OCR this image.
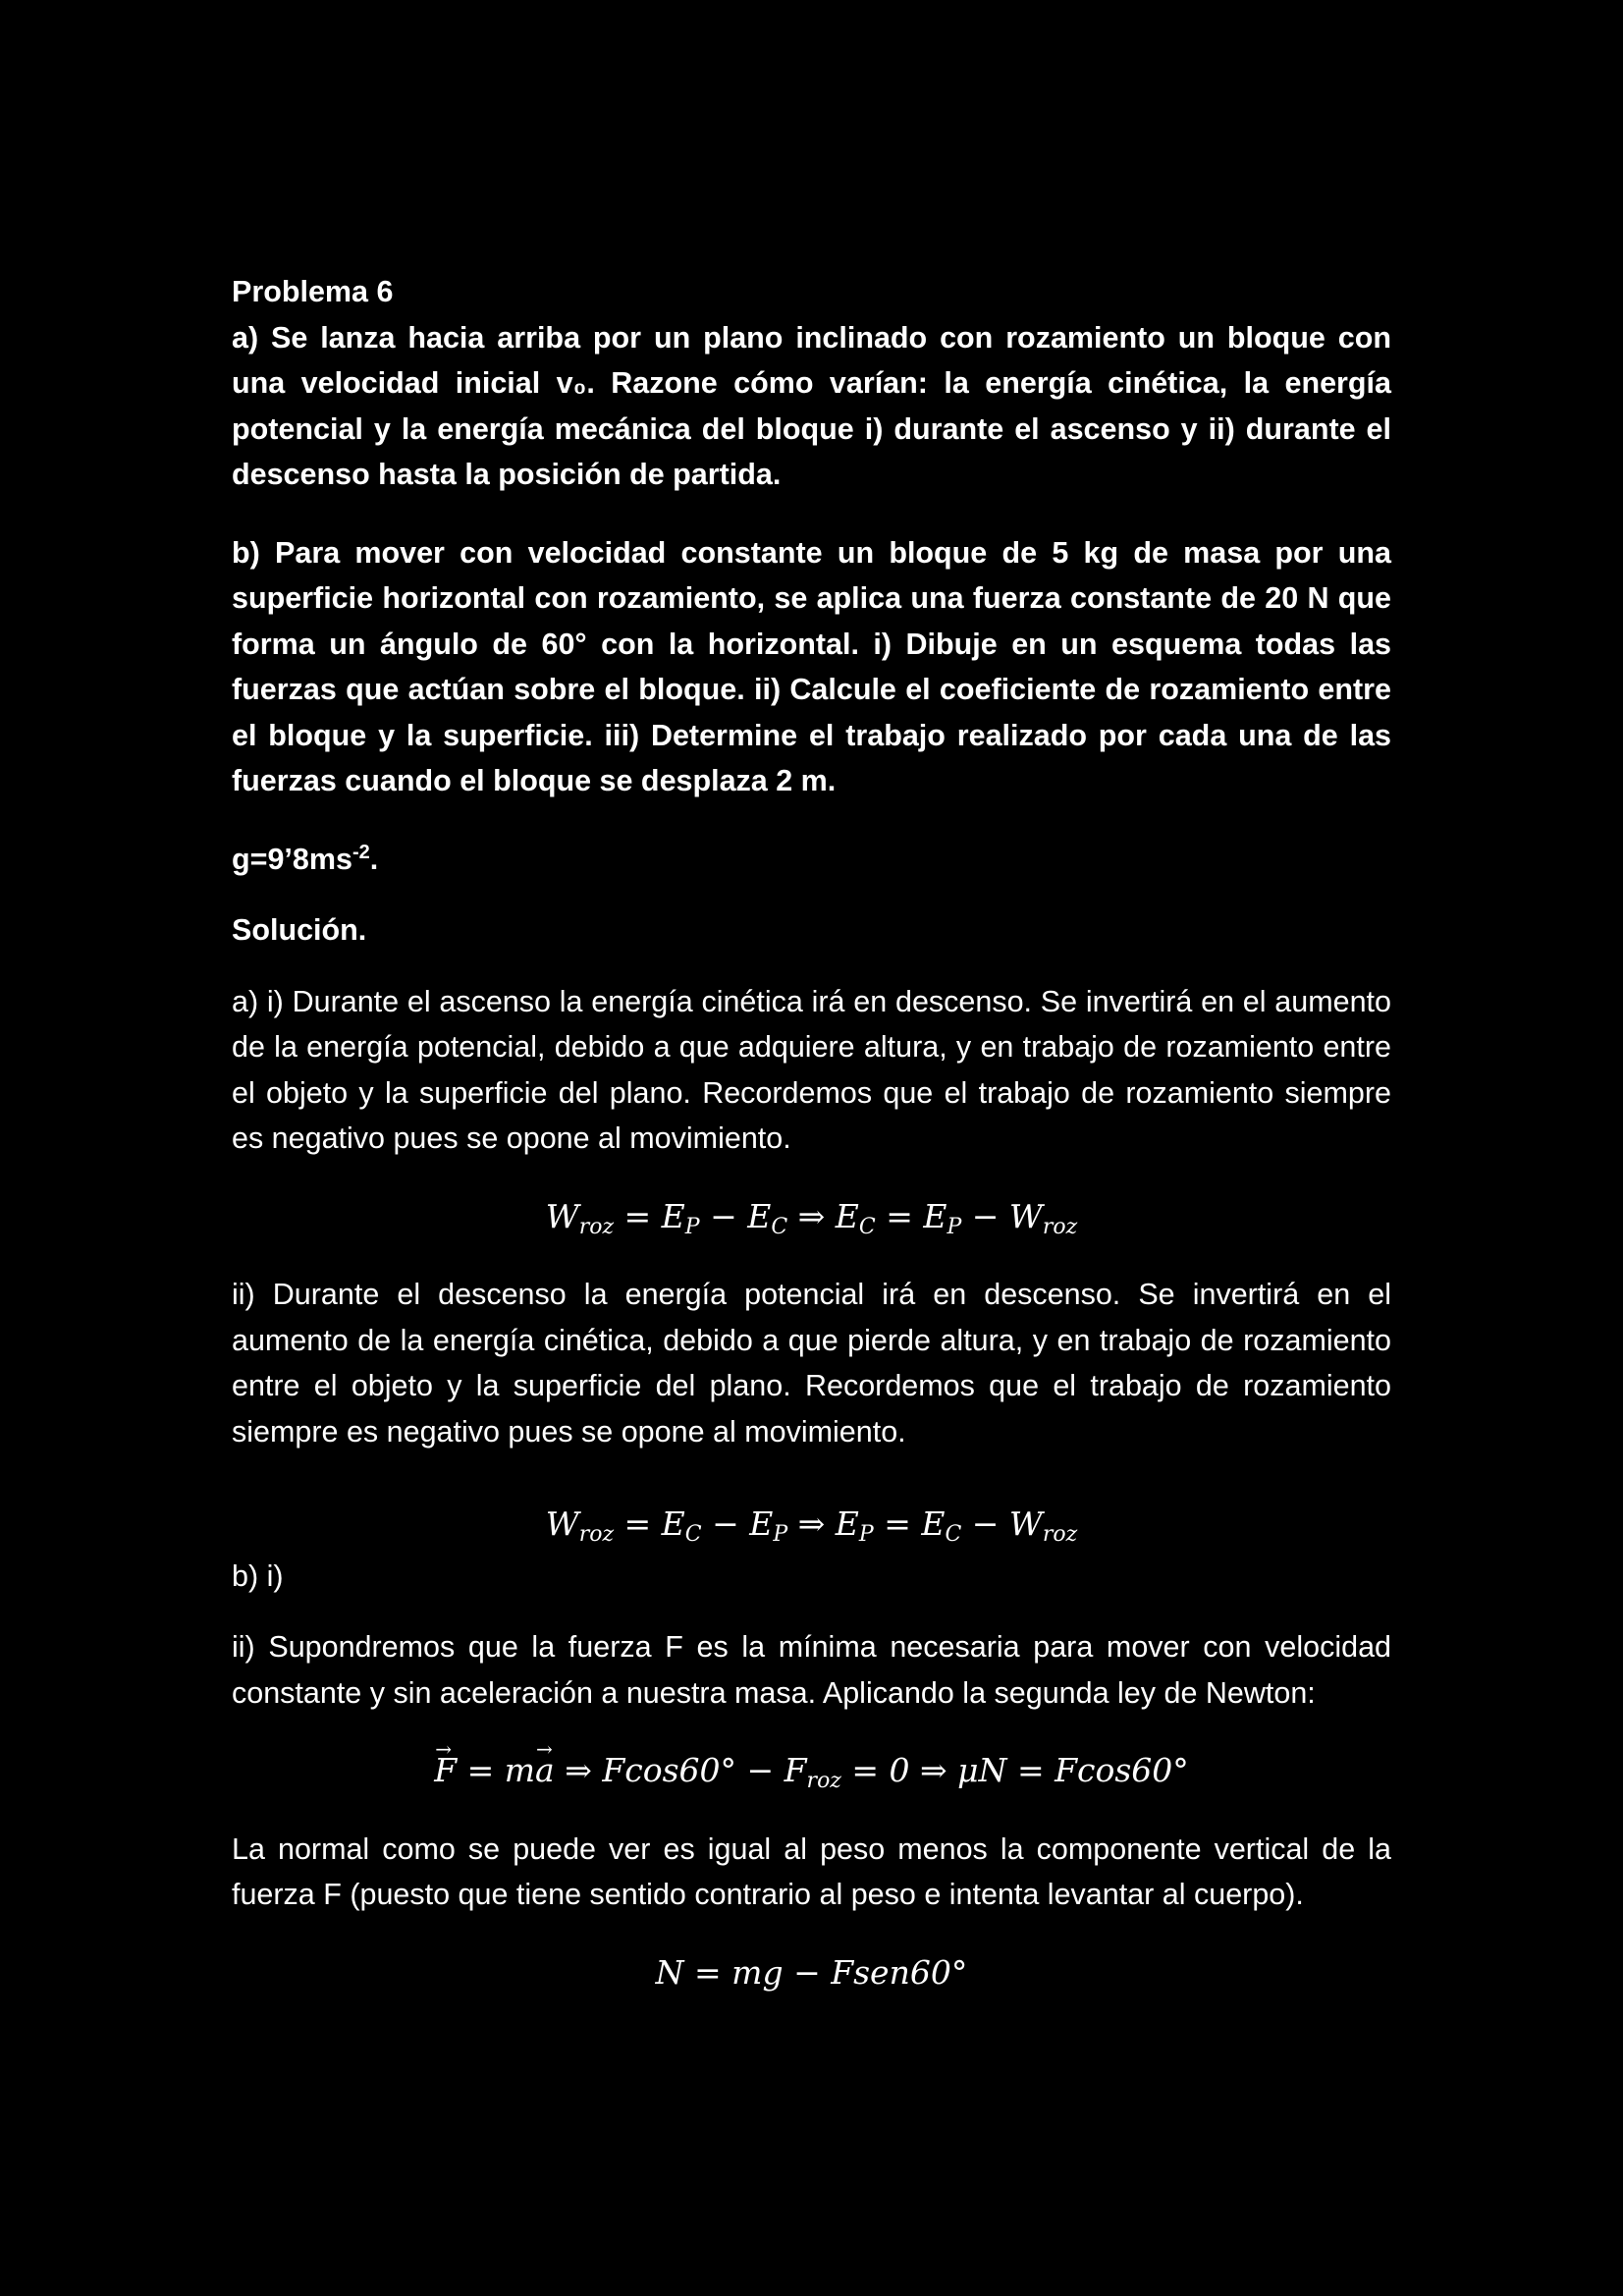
Problema 6

a) Se lanza hacia arriba por un plano inclinado con rozamiento un bloque con una velocidad inicial v₀. Razone cómo varían: la energía cinética, la energía potencial y la energía mecánica del bloque i) durante el ascenso y ii) durante el descenso hasta la posición de partida.

b) Para mover con velocidad constante un bloque de 5 kg de masa por una superficie horizontal con rozamiento, se aplica una fuerza constante de 20 N que forma un ángulo de 60° con la horizontal. i) Dibuje en un esquema todas las fuerzas que actúan sobre el bloque. ii) Calcule el coeficiente de rozamiento entre el bloque y la superficie. iii) Determine el trabajo realizado por cada una de las fuerzas cuando el bloque se desplaza 2 m.

$g=9’8ms^{-2}$.

Solución.

a) i) Durante el ascenso la energía cinética irá en descenso. Se invertirá en el aumento de la energía potencial, debido a que adquiere altura, y en trabajo de rozamiento entre el objeto y la superficie del plano. Recordemos que el trabajo de rozamiento siempre es negativo pues se opone al movimiento.

$W_{roz} = E_P - E_C$ ⇒ $E_C = E_P - W_{roz}$

ii) Durante el descenso la energía potencial irá en descenso. Se invertirá en el aumento de la energía cinética, debido a que pierde altura, y en trabajo de rozamiento entre el objeto y la superficie del plano. Recordemos que el trabajo de rozamiento siempre es negativo pues se opone al movimiento.

$W_{roz} = E_C - E_P$ ⇒ $E_P = E_C - W_{roz}$

b) i)

ii) Supondremos que la fuerza F es la mínima necesaria para mover con velocidad constante y sin aceleración a nuestra masa. Aplicando la segunda ley de Newton:

→ F = m→ a ⇒ $Fcos60^\circ - F_{roz} = 0$ ⇒ μN = Fcos60°

La normal como se puede ver es igual al peso menos la componente vertical de la fuerza F (puesto que tiene sentido contrario al peso e intenta levantar al cuerpo).

N = mg − Fsen60°
